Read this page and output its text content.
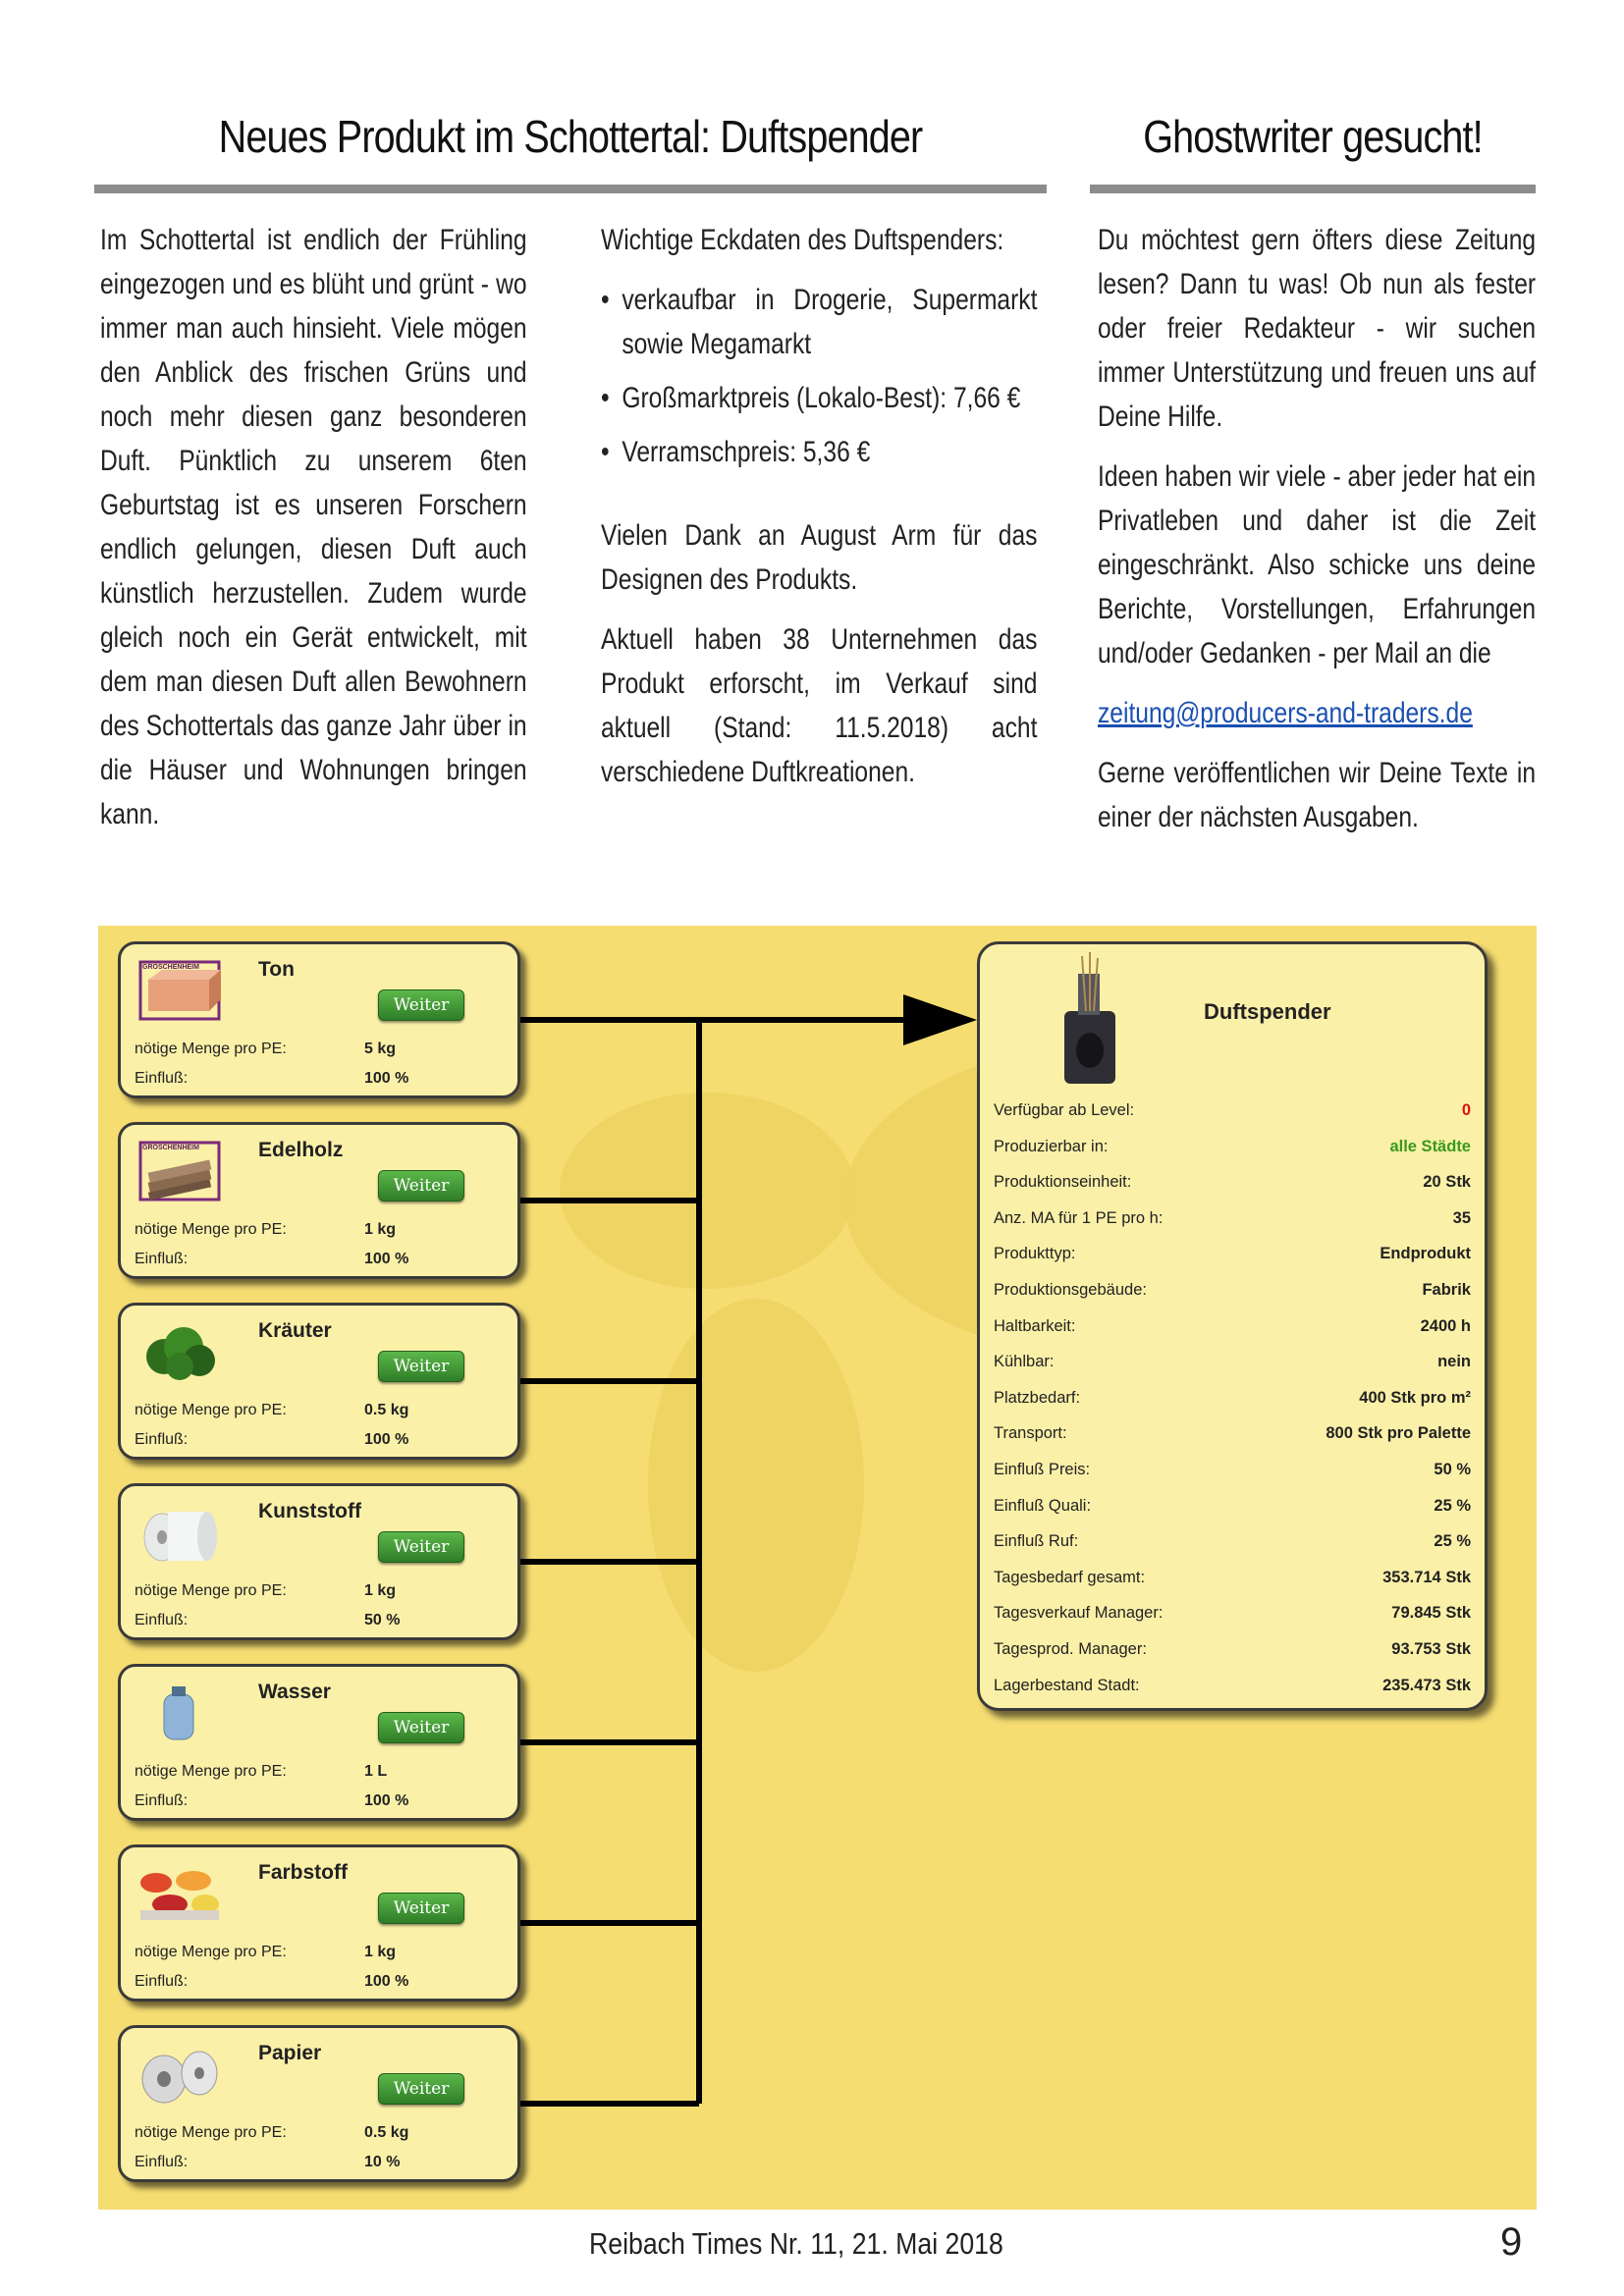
Neues Produkt im Schottertal: Duftspender	Ghostwriter gesucht!

Im Schottertal ist endlich der Frühling eingezogen und es blüht und grünt - wo immer man auch hinsieht. Viele mögen den Anblick des frischen Grüns und noch mehr diesen ganz besonderen Duft. Pünktlich zu unserem 6ten Geburtstag ist es unseren Forschern endlich gelungen, diesen Duft auch künstlich herzustellen. Zudem wurde gleich noch ein Gerät entwickelt, mit dem man diesen Duft allen Bewohnern des Schottertals das ganze Jahr über in die Häuser und Wohnungen bringen kann.

Wichtige Eckdaten des Duftspenders:

• verkaufbar in Drogerie, Supermarkt sowie Megamarkt
• Großmarktpreis (Lokalo-Best): 7,66 €
• Verramschpreis: 5,36 €

Vielen Dank an August Arm für das Designen des Produkts.

Aktuell haben 38 Unternehmen das Produkt erforscht, im Verkauf sind aktuell (Stand: 11.5.2018) acht verschiedene Duftkreationen.

Du möchtest gern öfters diese Zeitung lesen? Dann tu was! Ob nun als fester oder freier Redakteur - wir suchen immer Unterstützung und freuen uns auf Deine Hilfe.

Ideen haben wir viele - aber jeder hat ein Privatleben und daher ist die Zeit eingeschränkt. Also schicke uns deine Berichte, Vorstellungen, Erfahrungen und/oder Gedanken - per Mail an die

zeitung@producers-and-traders.de

Gerne veröffentlichen wir Deine Texte in einer der nächsten Ausgaben.

GROSCHENHEIM	Ton
Weiter
nötige Menge pro PE:	5 kg
Einfluß:	100 %
GROSCHENHEIM	Edelholz
Weiter
nötige Menge pro PE:	1 kg
Einfluß:	100 %
Kräuter
Weiter
nötige Menge pro PE:	0.5 kg
Einfluß:	100 %
Kunststoff
Weiter
nötige Menge pro PE:	1 kg
Einfluß:	50 %
Wasser
Weiter
nötige Menge pro PE:	1 L
Einfluß:	100 %
Farbstoff
Weiter
nötige Menge pro PE:	1 kg
Einfluß:	100 %
Papier
Weiter
nötige Menge pro PE:	0.5 kg
Einfluß:	10 %
Duftspender
Verfügbar ab Level:	0
Produzierbar in:	alle Städte
Produktionseinheit:	20 Stk
Anz. MA für 1 PE pro h:	35
Produkttyp:	Endprodukt
Produktionsgebäude:	Fabrik
Haltbarkeit:	2400 h
Kühlbar:	nein
Platzbedarf:	400 Stk pro m²
Transport:	800 Stk pro Palette
Einfluß Preis:	50 %
Einfluß Quali:	25 %
Einfluß Ruf:	25 %
Tagesbedarf gesamt:	353.714 Stk
Tagesverkauf Manager:	79.845 Stk
Tagesprod. Manager:	93.753 Stk
Lagerbestand Stadt:	235.473 Stk
Reibach Times Nr. 11, 21. Mai 2018	9
